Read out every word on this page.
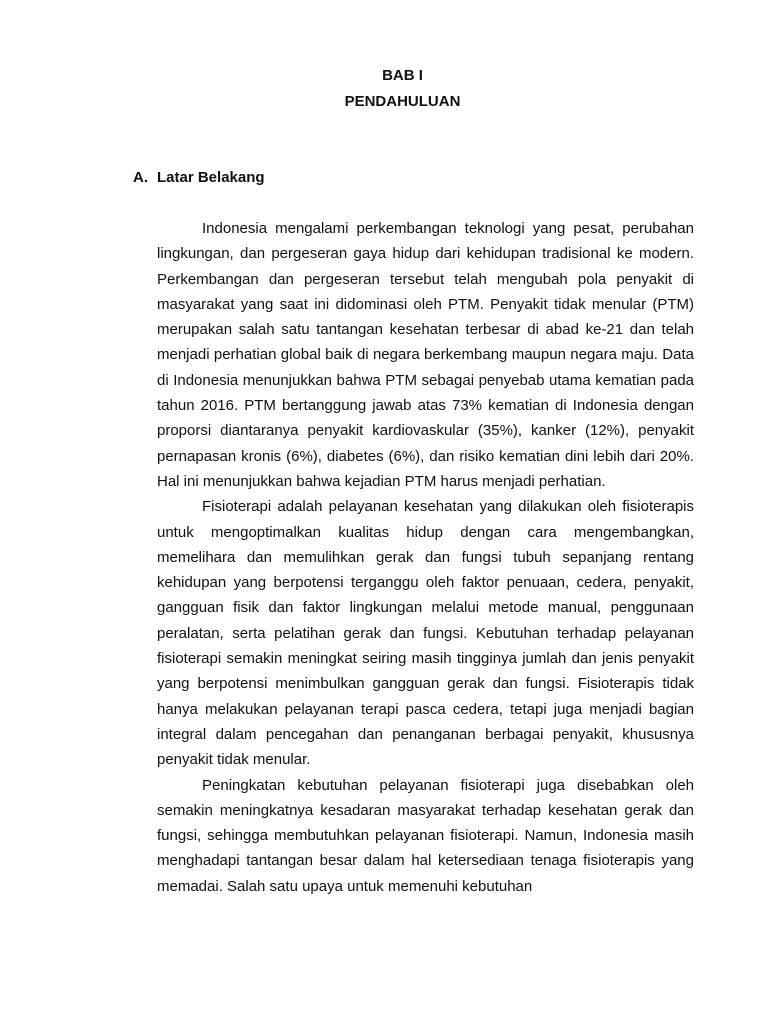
BAB I
PENDAHULUAN
A. Latar Belakang

Indonesia mengalami perkembangan teknologi yang pesat, perubahan lingkungan, dan pergeseran gaya hidup dari kehidupan tradisional ke modern. Perkembangan dan pergeseran tersebut telah mengubah pola penyakit di masyarakat yang saat ini didominasi oleh PTM. Penyakit tidak menular (PTM) merupakan salah satu tantangan kesehatan terbesar di abad ke-21 dan telah menjadi perhatian global baik di negara berkembang maupun negara maju. Data di Indonesia menunjukkan bahwa PTM sebagai penyebab utama kematian pada tahun 2016. PTM bertanggung jawab atas 73% kematian di Indonesia dengan proporsi diantaranya penyakit kardiovaskular (35%), kanker (12%), penyakit pernapasan kronis (6%), diabetes (6%), dan risiko kematian dini lebih dari 20%. Hal ini menunjukkan bahwa kejadian PTM harus menjadi perhatian.

Fisioterapi adalah pelayanan kesehatan yang dilakukan oleh fisioterapis untuk mengoptimalkan kualitas hidup dengan cara mengembangkan, memelihara dan memulihkan gerak dan fungsi tubuh sepanjang rentang kehidupan yang berpotensi terganggu oleh faktor penuaan, cedera, penyakit, gangguan fisik dan faktor lingkungan melalui metode manual, penggunaan peralatan, serta pelatihan gerak dan fungsi. Kebutuhan terhadap pelayanan fisioterapi semakin meningkat seiring masih tingginya jumlah dan jenis penyakit yang berpotensi menimbulkan gangguan gerak dan fungsi. Fisioterapis tidak hanya melakukan pelayanan terapi pasca cedera, tetapi juga menjadi bagian integral dalam pencegahan dan penanganan berbagai penyakit, khususnya penyakit tidak menular.

Peningkatan kebutuhan pelayanan fisioterapi juga disebabkan oleh semakin meningkatnya kesadaran masyarakat terhadap kesehatan gerak dan fungsi, sehingga membutuhkan pelayanan fisioterapi. Namun, Indonesia masih menghadapi tantangan besar dalam hal ketersediaan tenaga fisioterapis yang memadai. Salah satu upaya untuk memenuhi kebutuhan
